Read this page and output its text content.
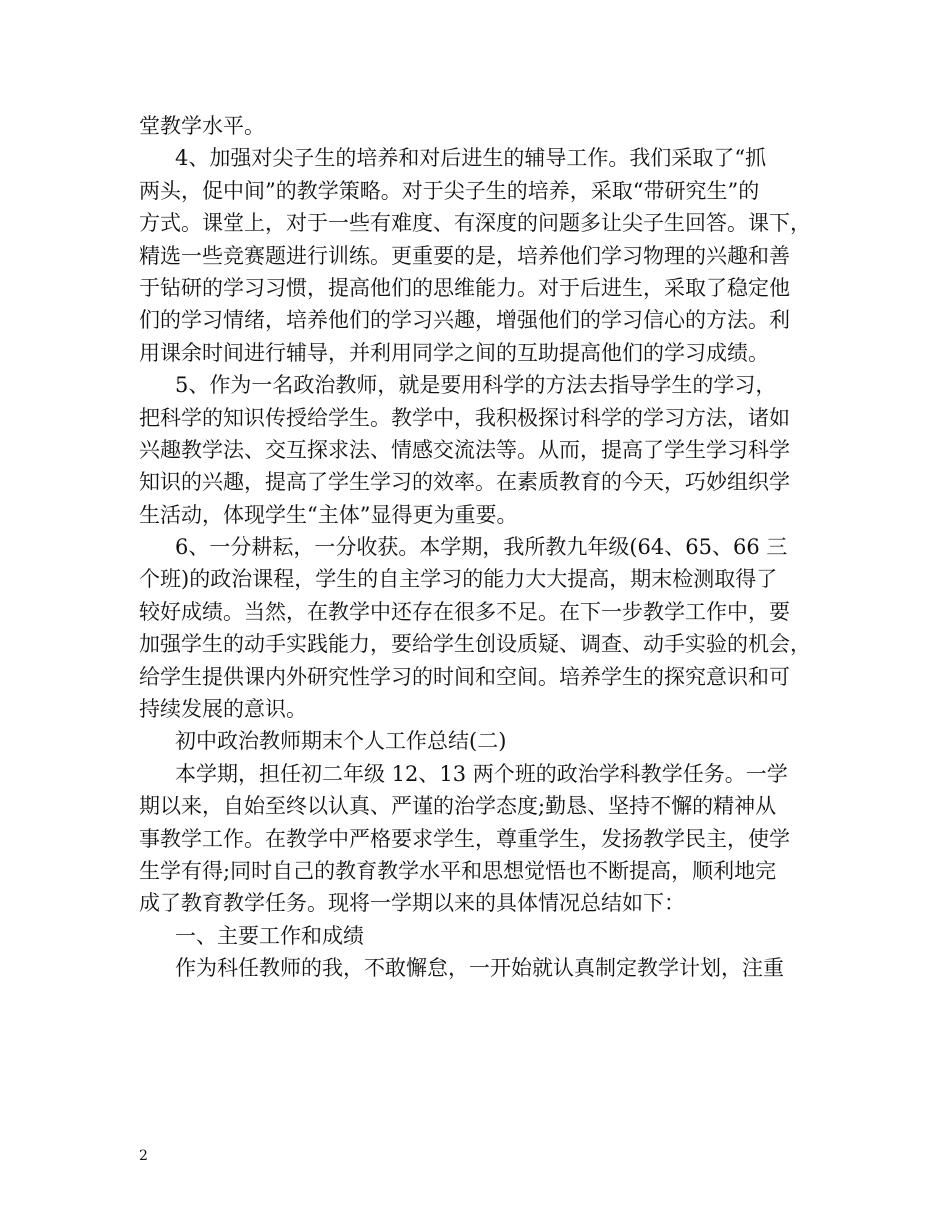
堂教学水平。
4、加强对尖子生的培养和对后进生的辅导工作。我们采取了“抓
两头，促中间”的教学策略。对于尖子生的培养，采取“带研究生”的
方式。课堂上，对于一些有难度、有深度的问题多让尖子生回答。课下，
精选一些竞赛题进行训练。更重要的是，培养他们学习物理的兴趣和善
于钻研的学习习惯，提高他们的思维能力。对于后进生，采取了稳定他
们的学习情绪，培养他们的学习兴趣，增强他们的学习信心的方法。利
用课余时间进行辅导，并利用同学之间的互助提高他们的学习成绩。
5、作为一名政治教师，就是要用科学的方法去指导学生的学习，
把科学的知识传授给学生。教学中，我积极探讨科学的学习方法，诸如
兴趣教学法、交互探求法、情感交流法等。从而，提高了学生学习科学
知识的兴趣，提高了学生学习的效率。在素质教育的今天，巧妙组织学
生活动，体现学生“主体”显得更为重要。
6、一分耕耘，一分收获。本学期，我所教九年级(64、65、66 三
个班)的政治课程，学生的自主学习的能力大大提高，期末检测取得了
较好成绩。当然，在教学中还存在很多不足。在下一步教学工作中，要
加强学生的动手实践能力，要给学生创设质疑、调查、动手实验的机会，
给学生提供课内外研究性学习的时间和空间。培养学生的探究意识和可
持续发展的意识。
初中政治教师期末个人工作总结(二)
本学期，担任初二年级 12、13 两个班的政治学科教学任务。一学
期以来，自始至终以认真、严谨的治学态度;勤恳、坚持不懈的精神从
事教学工作。在教学中严格要求学生，尊重学生，发扬教学民主，使学
生学有得;同时自己的教育教学水平和思想觉悟也不断提高，顺利地完
成了教育教学任务。现将一学期以来的具体情况总结如下：
一、主要工作和成绩
作为科任教师的我，不敢懈怠，一开始就认真制定教学计划，注重
2
